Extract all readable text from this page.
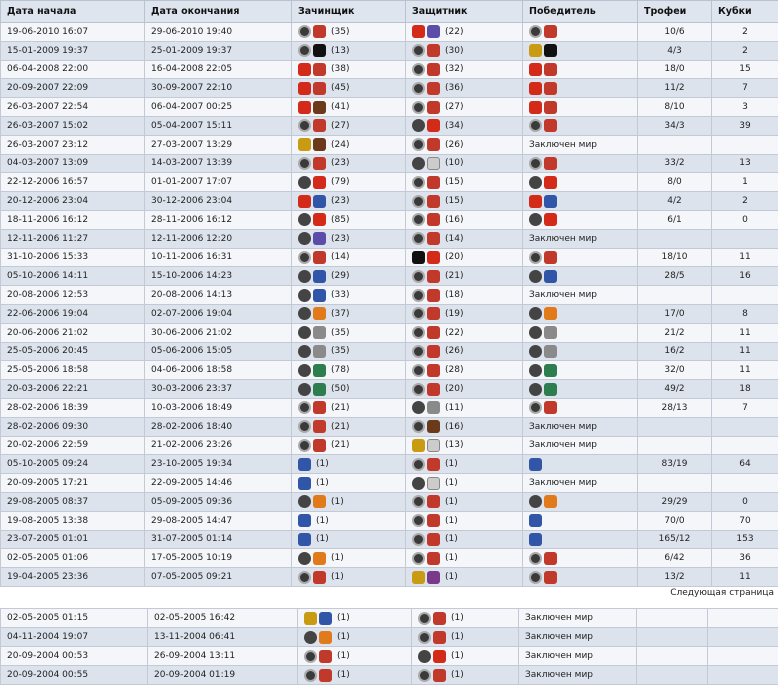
Дата начала	Дата окончания	Зачинщик	Защитник	Победитель	Трофеи	Кубки
19-06-2010 16:07	29-06-2010 19:40	(35)	(22)		10/6	2
15-01-2009 19:37	25-01-2009 19:37	(13)	(30)		4/3	2
06-04-2008 22:00	16-04-2008 22:05	(38)	(32)		18/0	15
20-09-2007 22:09	30-09-2007 22:10	(45)	(36)		11/2	7
26-03-2007 22:54	06-04-2007 00:25	(41)	(27)		8/10	3
26-03-2007 15:02	05-04-2007 15:11	(27)	(34)		34/3	39
26-03-2007 23:12	27-03-2007 13:29	(24)	(26)	Заключен мир		
04-03-2007 13:09	14-03-2007 13:39	(23)	(10)		33/2	13
22-12-2006 16:57	01-01-2007 17:07	(79)	(15)		8/0	1
20-12-2006 23:04	30-12-2006 23:04	(23)	(15)		4/2	2
18-11-2006 16:12	28-11-2006 16:12	(85)	(16)		6/1	0
12-11-2006 11:27	12-11-2006 12:20	(23)	(14)	Заключен мир		
31-10-2006 15:33	10-11-2006 16:31	(14)	(20)		18/10	11
05-10-2006 14:11	15-10-2006 14:23	(29)	(21)		28/5	16
20-08-2006 12:53	20-08-2006 14:13	(33)	(18)	Заключен мир		
22-06-2006 19:04	02-07-2006 19:04	(37)	(19)		17/0	8
20-06-2006 21:02	30-06-2006 21:02	(35)	(22)		21/2	11
25-05-2006 20:45	05-06-2006 15:05	(35)	(26)		16/2	11
25-05-2006 18:58	04-06-2006 18:58	(78)	(28)		32/0	11
20-03-2006 22:21	30-03-2006 23:37	(50)	(20)		49/2	18
28-02-2006 18:39	10-03-2006 18:49	(21)	(11)		28/13	7
28-02-2006 09:30	28-02-2006 18:40	(21)	(16)	Заключен мир		
20-02-2006 22:59	21-02-2006 23:26	(21)	(13)	Заключен мир		
05-10-2005 09:24	23-10-2005 19:34	(1)	(1)		83/19	64
20-09-2005 17:21	22-09-2005 14:46	(1)	(1)	Заключен мир		
29-08-2005 08:37	05-09-2005 09:36	(1)	(1)		29/29	0
19-08-2005 13:38	29-08-2005 14:47	(1)	(1)		70/0	70
23-07-2005 01:01	31-07-2005 01:14	(1)	(1)		165/12	153
02-05-2005 01:06	17-05-2005 10:19	(1)	(1)		6/42	36
19-04-2005 23:36	07-05-2005 09:21	(1)	(1)		13/2	11
Следующая страница
02-05-2005 01:15	02-05-2005 16:42	(1)	(1)	Заключен мир		
04-11-2004 19:07	13-11-2004 06:41	(1)	(1)	Заключен мир		
20-09-2004 00:53	26-09-2004 13:11	(1)	(1)	Заключен мир		
20-09-2004 00:55	20-09-2004 01:19	(1)	(1)	Заключен мир		
